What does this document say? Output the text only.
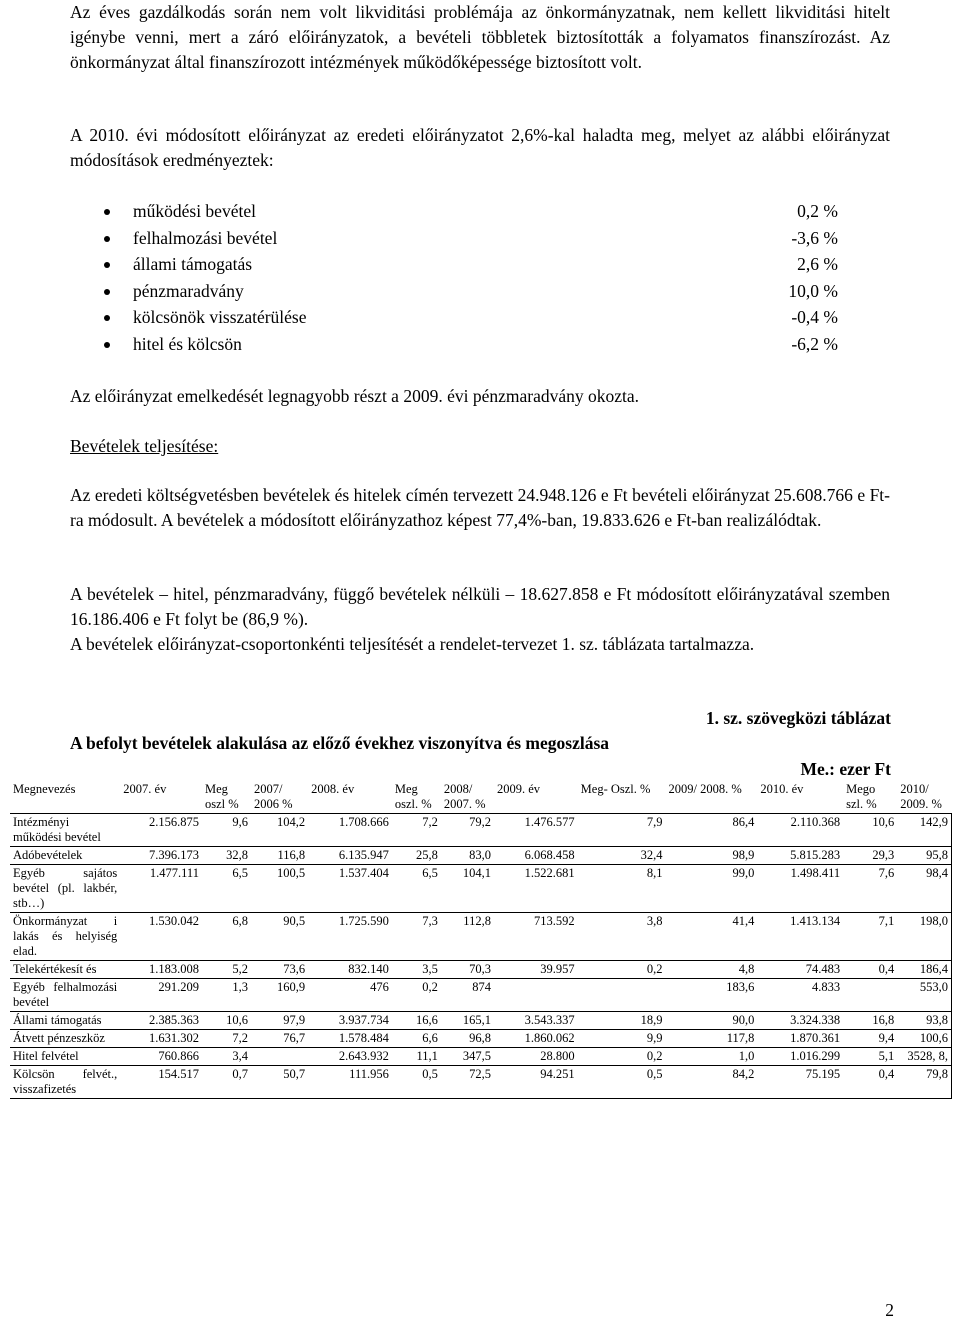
Az éves gazdálkodás során nem volt likviditási problémája az önkormányzatnak, nem kellett likviditási hitelt igénybe venni, mert a záró előirányzatok, a bevételi többletek biztosították a folyamatos finanszírozást. Az önkormányzat által finanszírozott intézmények működőképessége biztosított volt.

A 2010. évi módosított előirányzat az eredeti előirányzatot 2,6%-kal haladta meg, melyet az alábbi előirányzat módosítások eredményeztek:

működési bevétel	0,2 %
felhalmozási bevétel	-3,6 %
állami támogatás	2,6 %
pénzmaradvány	10,0 %
kölcsönök visszatérülése	-0,4 %
hitel és kölcsön	-6,2 %

Az előirányzat emelkedését legnagyobb részt a 2009. évi pénzmaradvány okozta.

Bevételek teljesítése:

Az eredeti költségvetésben bevételek és hitelek címén tervezett 24.948.126 e Ft bevételi előirányzat 25.608.766 e Ft-ra módosult. A bevételek a módosított előirányzathoz képest 77,4%-ban, 19.833.626 e Ft-ban realizálódtak.

A bevételek – hitel, pénzmaradvány, függő bevételek nélküli – 18.627.858 e Ft módosított előirányzatával szemben 16.186.406 e Ft folyt be (86,9 %).

A bevételek előirányzat-csoportonkénti teljesítését a rendelet-tervezet 1. sz. táblázata tartalmazza.

1. sz. szövegközi táblázat
A befolyt bevételek alakulása az előző évekhez viszonyítva és megoszlása
Me.: ezer Ft
Megnevezés	2007. év	Meg oszl %	2007/ 2006 %	2008. év	Meg oszl. %	2008/ 2007. %	2009. év	Meg- Oszl. %	2009/ 2008. %	2010. év	Mego szl. %	2010/ 2009. %
Intézményi működési bevétel	2.156.875	9,6	104,2	1.708.666	7,2	79,2	1.476.577	7,9	86,4	2.110.368	10,6	142,9
Adóbevételek	7.396.173	32,8	116,8	6.135.947	25,8	83,0	6.068.458	32,4	98,9	5.815.283	29,3	95,8
Egyéb sajátos bevétel (pl. lakbér, stb…)	1.477.111	6,5	100,5	1.537.404	6,5	104,1	1.522.681	8,1	99,0	1.498.411	7,6	98,4
Önkormányzat i lakás és helyiség elad.	1.530.042	6,8	90,5	1.725.590	7,3	112,8	713.592	3,8	41,4	1.413.134	7,1	198,0
Telekértékesít és	1.183.008	5,2	73,6	832.140	3,5	70,3	39.957	0,2	4,8	74.483	0,4	186,4
Egyéb felhalmozási bevétel	291.209	1,3	160,9	476	0,2	874			183,6	4.833		553,0
Állami támogatás	2.385.363	10,6	97,9	3.937.734	16,6	165,1	3.543.337	18,9	90,0	3.324.338	16,8	93,8
Átvett pénzeszköz	1.631.302	7,2	76,7	1.578.484	6,6	96,8	1.860.062	9,9	117,8	1.870.361	9,4	100,6
Hitel felvétel	760.866	3,4		2.643.932	11,1	347,5	28.800	0,2	1,0	1.016.299	5,1	3528, 8,
Kölcsön felvét., visszafizetés	154.517	0,7	50,7	111.956	0,5	72,5	94.251	0,5	84,2	75.195	0,4	79,8
2
